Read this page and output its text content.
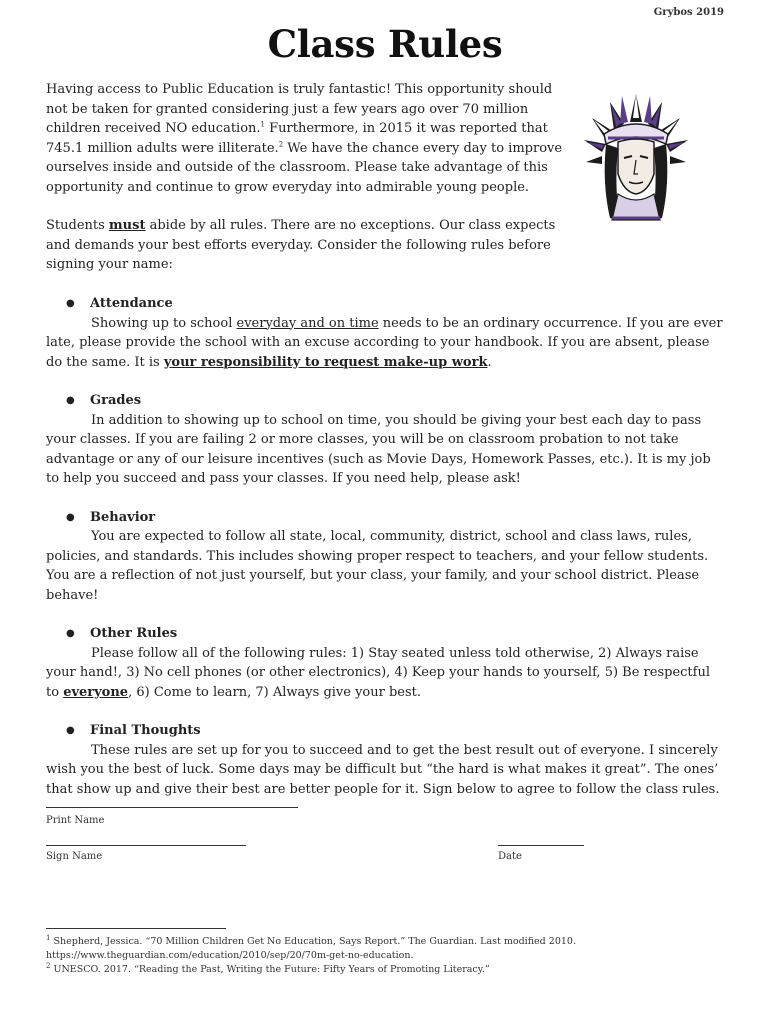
Grybos 2019
Class Rules

Having access to Public Education is truly fantastic! This opportunity should not be taken for granted considering just a few years ago over 70 million children received NO education.$^1$ Furthermore, in 2015 it was reported that 745.1 million adults were illiterate.$^2$ We have the chance every day to improve ourselves inside and outside of the classroom. Please take advantage of this opportunity and continue to grow everyday into admirable young people.

Students must abide by all rules. There are no exceptions. Our class expects and demands your best efforts everyday. Consider the following rules before signing your name:

● Attendance

Showing up to school everyday and on time needs to be an ordinary occurrence. If you are ever late, please provide the school with an excuse according to your handbook. If you are absent, please do the same. It is your responsibility to request make-up work.

● Grades

In addition to showing up to school on time, you should be giving your best each day to pass your classes. If you are failing 2 or more classes, you will be on classroom probation to not take advantage or any of our leisure incentives (such as Movie Days, Homework Passes, etc.). It is my job to help you succeed and pass your classes. If you need help, please ask!

● Behavior

You are expected to follow all state, local, community, district, school and class laws, rules, policies, and standards. This includes showing proper respect to teachers, and your fellow students. You are a reflection of not just yourself, but your class, your family, and your school district. Please behave!

● Other Rules

Please follow all of the following rules: 1) Stay seated unless told otherwise, 2) Always raise your hand!, 3) No cell phones (or other electronics), 4) Keep your hands to yourself, 5) Be respectful to everyone, 6) Come to learn, 7) Always give your best.

● Final Thoughts

These rules are set up for you to succeed and to get the best result out of everyone. I sincerely wish you the best of luck. Some days may be difficult but “the hard is what makes it great”. The ones’ that show up and give their best are better people for it. Sign below to agree to follow the class rules.

Print Name
Sign Name	Date
$^1$ Shepherd, Jessica. “70 Million Children Get No Education, Says Report.” The Guardian. Last modified 2010.
https://www.theguardian.com/education/2010/sep/20/70m-get-no-education.
$^2$ UNESCO. 2017. “Reading the Past, Writing the Future: Fifty Years of Promoting Literacy.”
